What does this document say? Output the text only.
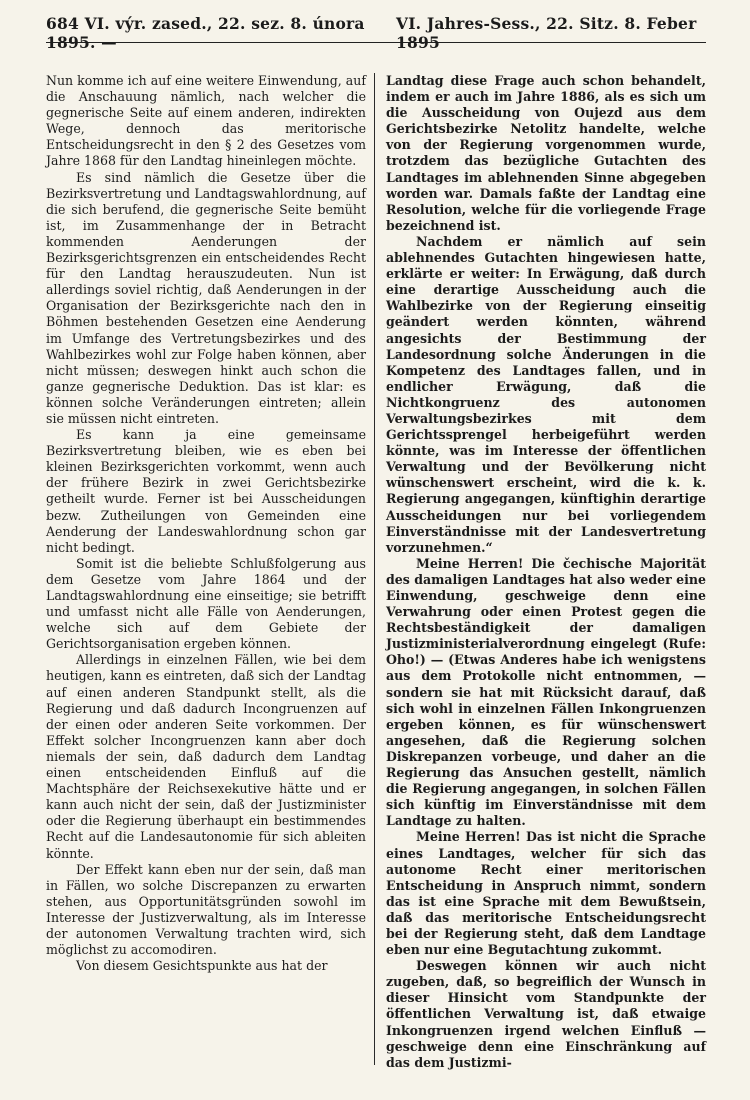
684 VI. výr. zased., 22. sez. 8. února 1895. —
VI. Jahres-Sess., 22. Sitz. 8. Feber 1895

Nun komme ich auf eine weitere Einwendung, auf die Anschauung nämlich, nach welcher die gegnerische Seite auf einem anderen, indirekten Wege, dennoch das meritorische Entscheidungsrecht in den § 2 des Gesetzes vom Jahre 1868 für den Landtag hineinlegen möchte.

Es sind nämlich die Gesetze über die Bezirksvertretung und Landtagswahlordnung, auf die sich berufend, die gegnerische Seite bemüht ist, im Zusammenhange der in Betracht kommenden Aenderungen der Bezirksgerichtsgrenzen ein entscheidendes Recht für den Landtag herauszudeuten. Nun ist allerdings soviel richtig, daß Aenderungen in der Organisation der Bezirksgerichte nach den in Böhmen bestehenden Gesetzen eine Aenderung im Umfange des Vertretungsbezirkes und des Wahlbezirkes wohl zur Folge haben können, aber nicht müssen; deswegen hinkt auch schon die ganze gegnerische Deduktion. Das ist klar: es können solche Veränderungen eintreten; allein sie müssen nicht eintreten.

Es kann ja eine gemeinsame Bezirksvertretung bleiben, wie es eben bei kleinen Bezirksgerichten vorkommt, wenn auch der frühere Bezirk in zwei Gerichtsbezirke getheilt wurde. Ferner ist bei Ausscheidungen bezw. Zutheilungen von Gemeinden eine Aenderung der Landeswahlordnung schon gar nicht bedingt.

Somit ist die beliebte Schlußfolgerung aus dem Gesetze vom Jahre 1864 und der Landtagswahlordnung eine einseitige; sie betrifft und umfasst nicht alle Fälle von Aenderungen, welche sich auf dem Gebiete der Gerichtsorganisation ergeben können.

Allerdings in einzelnen Fällen, wie bei dem heutigen, kann es eintreten, daß sich der Landtag auf einen anderen Standpunkt stellt, als die Regierung und daß dadurch Incongruenzen auf der einen oder anderen Seite vorkommen. Der Effekt solcher Incongruenzen kann aber doch niemals der sein, daß dadurch dem Landtag einen entscheidenden Einfluß auf die Machtsphäre der Reichsexekutive hätte und er kann auch nicht der sein, daß der Justizminister oder die Regierung überhaupt ein bestimmendes Recht auf die Landesautonomie für sich ableiten könnte.

Der Effekt kann eben nur der sein, daß man in Fällen, wo solche Discrepanzen zu erwarten stehen, aus Opportunitätsgründen sowohl im Interesse der Justizverwaltung, als im Interesse der autonomen Verwaltung trachten wird, sich möglichst zu accomodiren.

Von diesem Gesichtspunkte aus hat der

Landtag diese Frage auch schon behandelt, indem er auch im Jahre 1886, als es sich um die Ausscheidung von Oujezd aus dem Gerichtsbezirke Netolitz handelte, welche von der Regierung vorgenommen wurde, trotzdem das bezügliche Gutachten des Landtages im ablehnenden Sinne abgegeben worden war. Damals faßte der Landtag eine Resolution, welche für die vorliegende Frage bezeichnend ist.

Nachdem er nämlich auf sein ablehnendes Gutachten hingewiesen hatte, erklärte er weiter: In Erwägung, daß durch eine derartige Ausscheidung auch die Wahlbezirke von der Regierung einseitig geändert werden könnten, während angesichts der Bestimmung der Landesordnung solche Änderungen in die Kompetenz des Landtages fallen, und in endlicher Erwägung, daß die Nichtkongruenz des autonomen Verwaltungsbezirkes mit dem Gerichtssprengel herbeigeführt werden könnte, was im Interesse der öffentlichen Verwaltung und der Bevölkerung nicht wünschenswert erscheint, wird die k. k. Regierung angegangen, künftighin derartige Ausscheidungen nur bei vorliegendem Einverständnisse mit der Landesvertretung vorzunehmen.“

Meine Herren! Die čechische Majorität des damaligen Landtages hat also weder eine Einwendung, geschweige denn eine Verwahrung oder einen Protest gegen die Rechtsbeständigkeit der damaligen Justizministerialverordnung eingelegt (Rufe: Oho!) — (Etwas Anderes habe ich wenigstens aus dem Protokolle nicht entnommen, — sondern sie hat mit Rücksicht darauf, daß sich wohl in einzelnen Fällen Inkongruenzen ergeben können, es für wünschenswert angesehen, daß die Regierung solchen Diskrepanzen vorbeuge, und daher an die Regierung das Ansuchen gestellt, nämlich die Regierung angegangen, in solchen Fällen sich künftig im Einverständnisse mit dem Landtage zu halten.

Meine Herren! Das ist nicht die Sprache eines Landtages, welcher für sich das autonome Recht einer meritorischen Entscheidung in Anspruch nimmt, sondern das ist eine Sprache mit dem Bewußtsein, daß das meritorische Entscheidungsrecht bei der Regierung steht, daß dem Landtage eben nur eine Begutachtung zukommt.

Deswegen können wir auch nicht zugeben, daß, so begreiflich der Wunsch in dieser Hinsicht vom Standpunkte der öffentlichen Verwaltung ist, daß etwaige Inkongruenzen irgend welchen Einfluß — geschweige denn eine Einschränkung auf das dem Justizmi-
